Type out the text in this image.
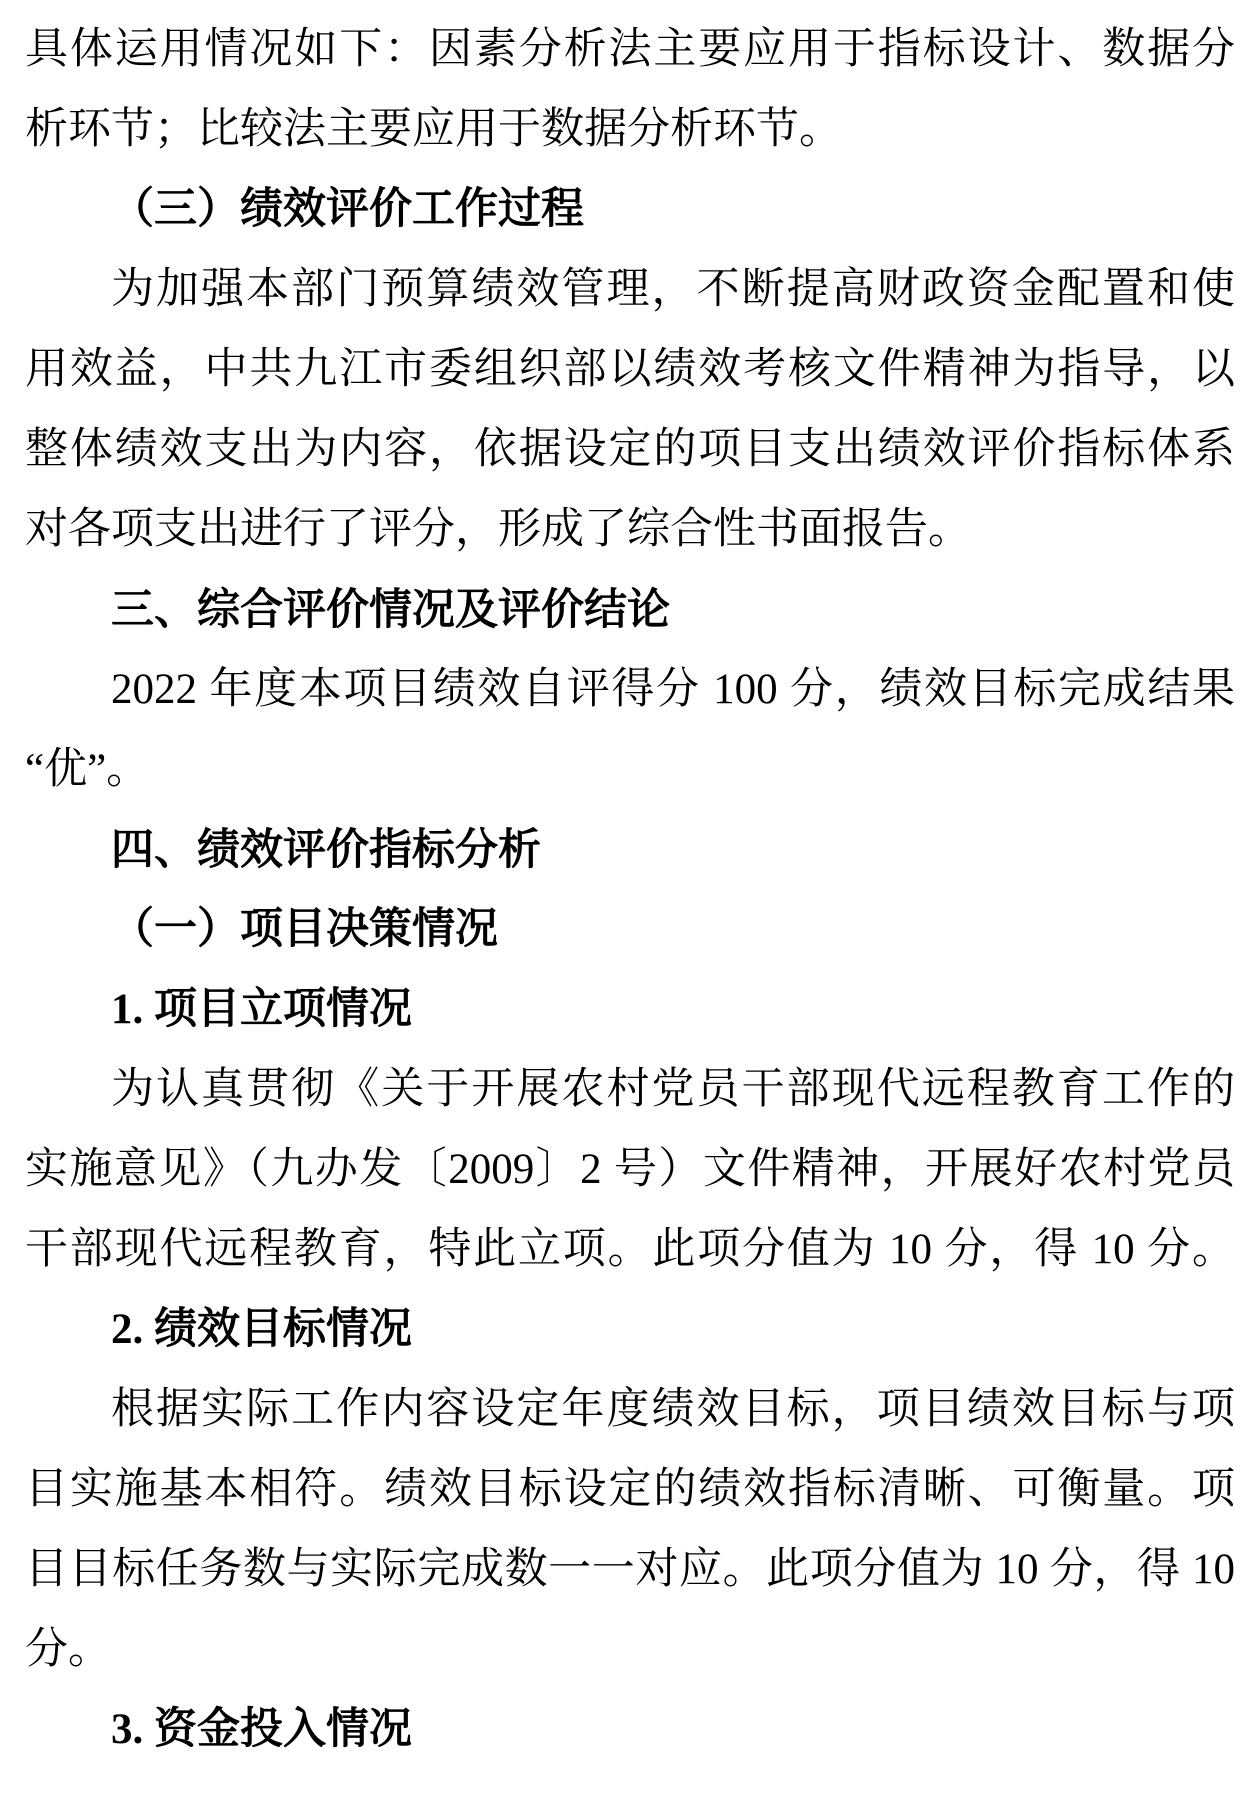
具体运用情况如下：因素分析法主要应用于指标设计、数据分
析环节；比较法主要应用于数据分析环节。
（三）绩效评价工作过程
为加强本部门预算绩效管理，不断提高财政资金配置和使
用效益，中共九江市委组织部以绩效考核文件精神为指导，以
整体绩效支出为内容，依据设定的项目支出绩效评价指标体系
对各项支出进行了评分，形成了综合性书面报告。
三、综合评价情况及评价结论
2022 年度本项目绩效自评得分 100 分，绩效目标完成结果
“优”。
四、绩效评价指标分析
（一）项目决策情况
1. 项目立项情况
为认真贯彻《关于开展农村党员干部现代远程教育工作的
实施意见》（九办发〔2009〕2 号）文件精神，开展好农村党员
干部现代远程教育，特此立项。此项分值为 10 分，得 10 分。
2. 绩效目标情况
根据实际工作内容设定年度绩效目标，项目绩效目标与项
目实施基本相符。绩效目标设定的绩效指标清晰、可衡量。项
目目标任务数与实际完成数一一对应。此项分值为 10 分，得 10
分。
3. 资金投入情况
